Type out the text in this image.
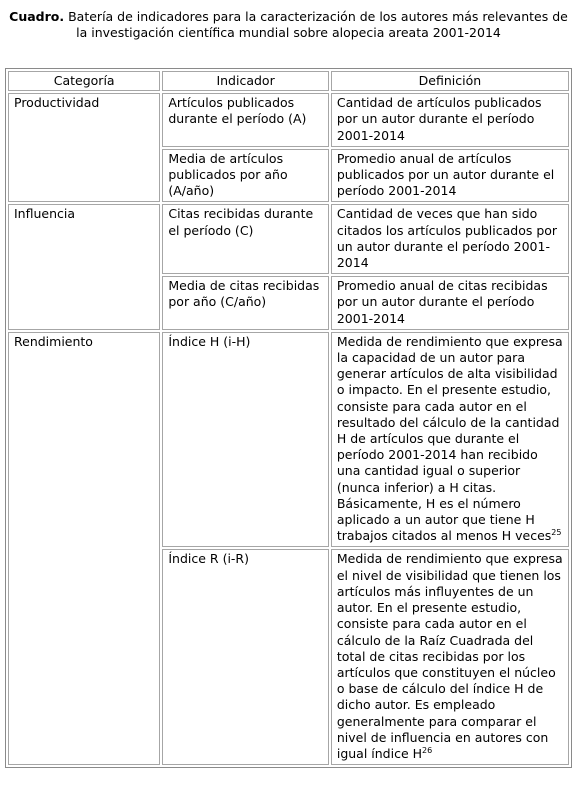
Cuadro. Batería de indicadores para la caracterización de los autores más relevantes de la investigación científica mundial sobre alopecia areata 2001-2014
Categoría	Indicador	Definición
Productividad	Artículos publicados durante el período (A)	Cantidad de artículos publicados por un autor durante el período 2001-2014
	Media de artículos publicados por año (A/año)	Promedio anual de artículos publicados por un autor durante el período 2001-2014
Influencia	Citas recibidas durante el período (C)	Cantidad de veces que han sido citados los artículos publicados por un autor durante el período 2001-2014
	Media de citas recibidas por año (C/año)	Promedio anual de citas recibidas por un autor durante el período 2001-2014
Rendimiento	Índice H (i-H)	Medida de rendimiento que expresa la capacidad de un autor para generar artículos de alta visibilidad o impacto. En el presente estudio, consiste para cada autor en el resultado del cálculo de la cantidad H de artículos que durante el período 2001-2014 han recibido una cantidad igual o superior (nunca inferior) a H citas. Básicamente, H es el número aplicado a un autor que tiene H trabajos citados al menos H veces$^{25}$
	Índice R (i-R)	Medida de rendimiento que expresa el nivel de visibilidad que tienen los artículos más influyentes de un autor. En el presente estudio, consiste para cada autor en el cálculo de la Raíz Cuadrada del total de citas recibidas por los artículos que constituyen el núcleo o base de cálculo del índice H de dicho autor. Es empleado generalmente para comparar el nivel de influencia en autores con igual índice $H^{26}$
